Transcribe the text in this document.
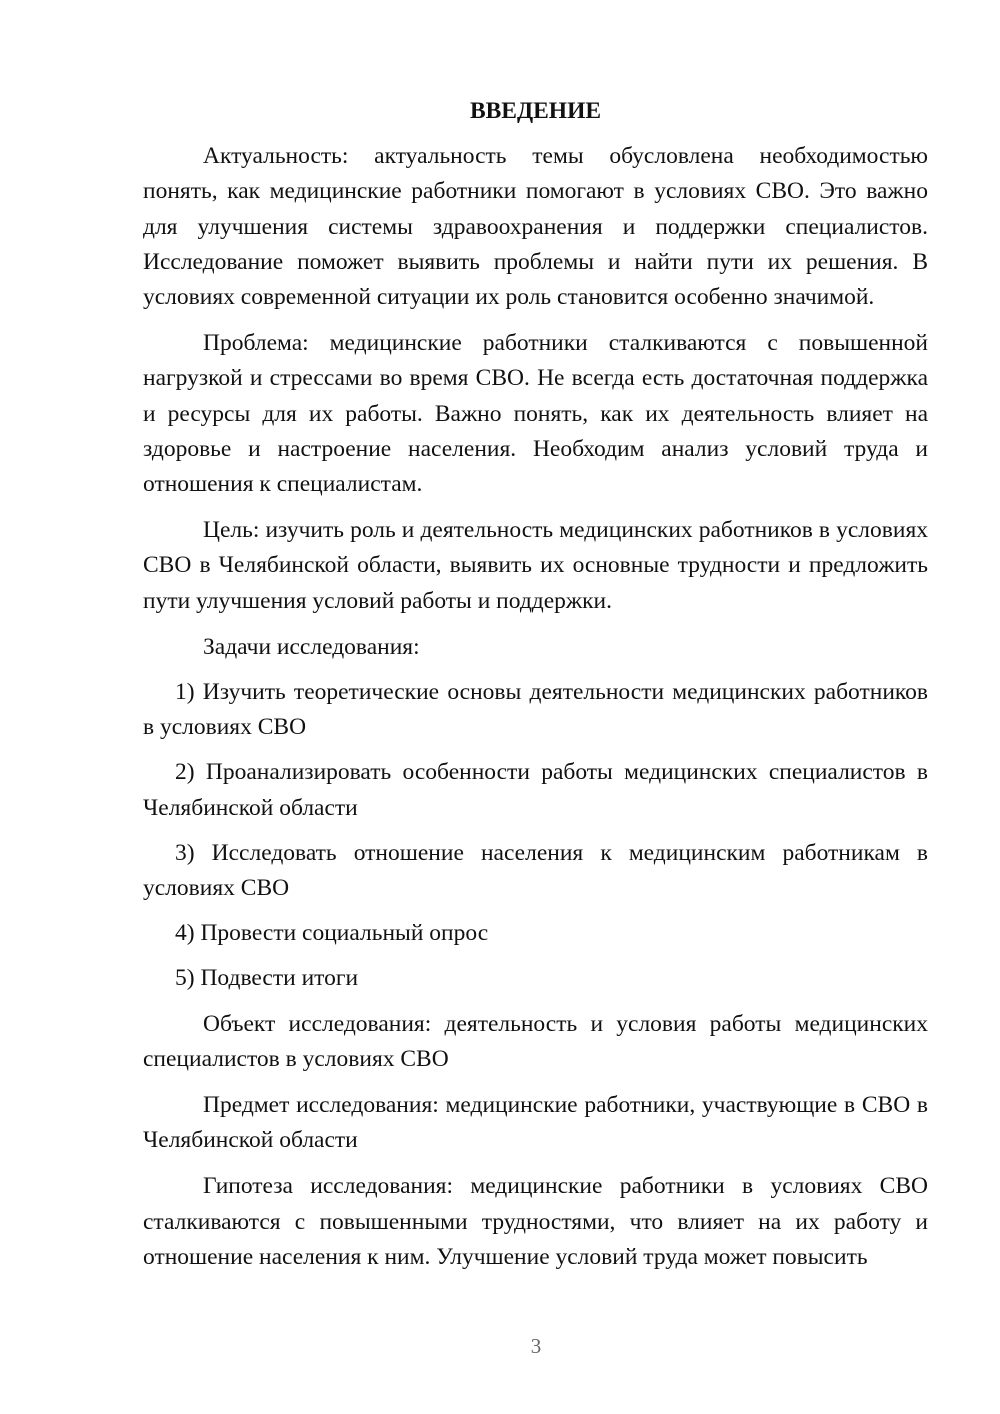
ВВЕДЕНИЕ

Актуальность: актуальность темы обусловлена необходимостью понять, как медицинские работники помогают в условиях СВО. Это важно для улучшения системы здравоохранения и поддержки специалистов. Исследование поможет выявить проблемы и найти пути их решения. В условиях современной ситуации их роль становится особенно значимой.

Проблема: медицинские работники сталкиваются с повышенной нагрузкой и стрессами во время СВО. Не всегда есть достаточная поддержка и ресурсы для их работы. Важно понять, как их деятельность влияет на здоровье и настроение населения. Необходим анализ условий труда и отношения к специалистам.

Цель: изучить роль и деятельность медицинских работников в условиях СВО в Челябинской области, выявить их основные трудности и предложить пути улучшения условий работы и поддержки.

Задачи исследования:

1) Изучить теоретические основы деятельности медицинских работников в условиях СВО

2) Проанализировать особенности работы медицинских специалистов в Челябинской области

3) Исследовать отношение населения к медицинским работникам в условиях СВО

4) Провести социальный опрос

5) Подвести итоги

Объект исследования: деятельность и условия работы медицинских специалистов в условиях СВО

Предмет исследования: медицинские работники, участвующие в СВО в Челябинской области

Гипотеза исследования: медицинские работники в условиях СВО сталкиваются с повышенными трудностями, что влияет на их работу и отношение населения к ним. Улучшение условий труда может повысить

3
